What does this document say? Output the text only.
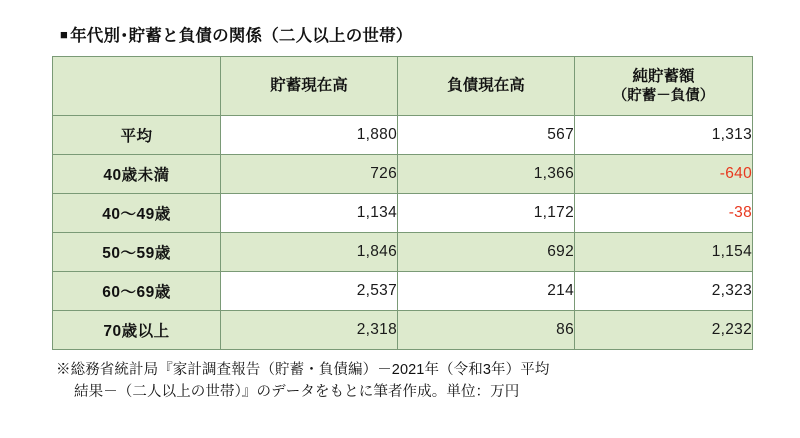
■ 年代別･貯蓄と負債の関係（二人以上の世帯）
	貯蓄現在高	負債現在高	純貯蓄額
（貯蓄－負債）

平均	1,880	567	1,313
40歳未満	726	1,366	-640
40～49歳	1,134	1,172	-38
50～59歳	1,846	692	1,154
60～69歳	2,537	214	2,323
70歳以上	2,318	86	2,232
※総務省統計局『家計調査報告（貯蓄・負債編）－2021年（令和3年）平均
結果－（二人以上の世帯）』のデータをもとに筆者作成。単位：万円
